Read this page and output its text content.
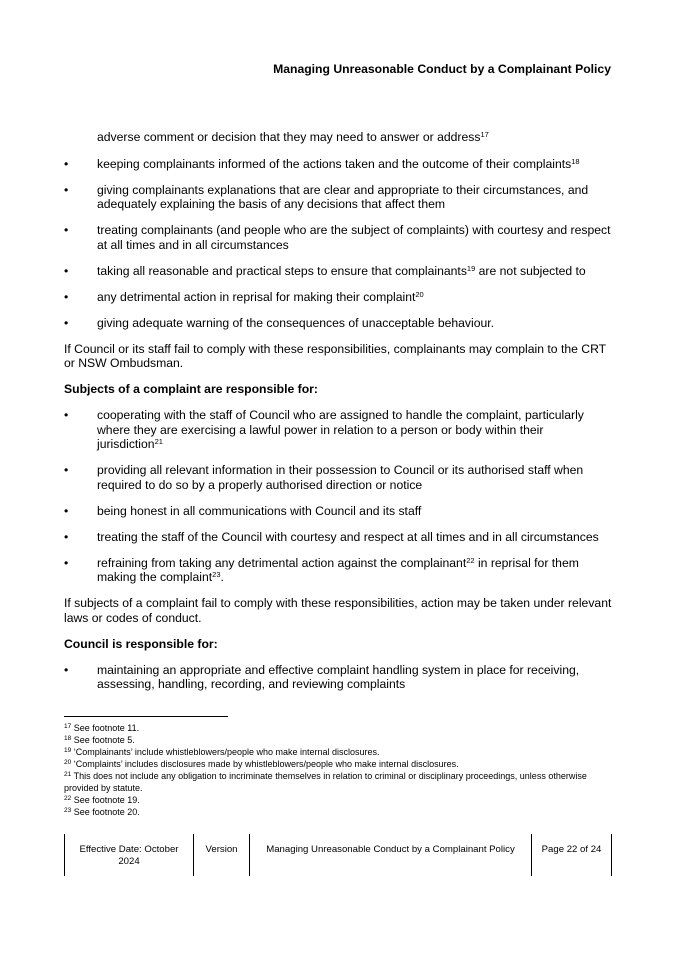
Managing Unreasonable Conduct by a Complainant Policy

adverse comment or decision that they may need to answer or address$^{17}$

• keeping complainants informed of the actions taken and the outcome of their complaints$^{18}$
• giving complainants explanations that are clear and appropriate to their circumstances, and adequately explaining the basis of any decisions that affect them
• treating complainants (and people who are the subject of complaints) with courtesy and respect at all times and in all circumstances
• taking all reasonable and practical steps to ensure that complainants$^{19}$ are not subjected to
• any detrimental action in reprisal for making their complaint$^{20}$
• giving adequate warning of the consequences of unacceptable behaviour.

If Council or its staff fail to comply with these responsibilities, complainants may complain to the CRT or NSW Ombudsman.

Subjects of a complaint are responsible for:

• cooperating with the staff of Council who are assigned to handle the complaint, particularly where they are exercising a lawful power in relation to a person or body within their jurisdiction$^{21}$
• providing all relevant information in their possession to Council or its authorised staff when required to do so by a properly authorised direction or notice
• being honest in all communications with Council and its staff
• treating the staff of the Council with courtesy and respect at all times and in all circumstances
• refraining from taking any detrimental action against the complainant$^{22}$ in reprisal for them making the complaint$^{23}$.

If subjects of a complaint fail to comply with these responsibilities, action may be taken under relevant laws or codes of conduct.

Council is responsible for:

• maintaining an appropriate and effective complaint handling system in place for receiving, assessing, handling, recording, and reviewing complaints

$^{17}$ See footnote 11.

$^{18}$ See footnote 5.

$^{19}$ ‘Complainants’ include whistleblowers/people who make internal disclosures.

$^{20}$ ‘Complaints’ includes disclosures made by whistleblowers/people who make internal disclosures.

$^{21}$ This does not include any obligation to incriminate themselves in relation to criminal or disciplinary proceedings, unless otherwise provided by statute.

$^{22}$ See footnote 19.

$^{23}$ See footnote 20.

Effective Date: October 2024
Version	Managing Unreasonable Conduct by a Complainant Policy	Page 22 of 24
